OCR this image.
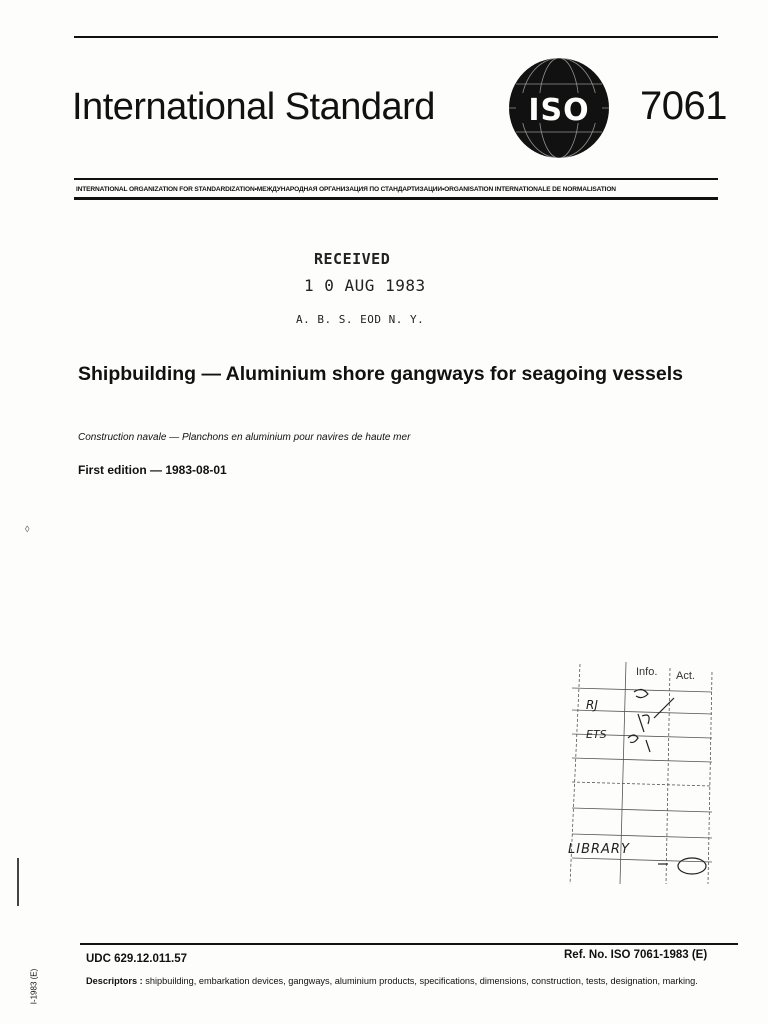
International Standard	ISO 7061
INTERNATIONAL ORGANIZATION FOR STANDARDIZATION•МЕЖДУНАРОДНАЯ ОРГАНИЗАЦИЯ ПО СТАНДАРТИЗАЦИИ•ORGANISATION INTERNATIONALE DE NORMALISATION
RECEIVED
1 0 AUG 1983
A. B. S. EOD N. Y.
Shipbuilding — Aluminium shore gangways for seagoing vessels
Construction navale — Planchons en aluminium pour navires de haute mer
First edition — 1983-08-01
◊
Info. Act.
RJ
ETS
LIBRARY
UDC 629.12.011.57	Ref. No. ISO 7061-1983 (E)
Descriptors : shipbuilding, embarkation devices, gangways, aluminium products, specifications, dimensions, construction, tests, designation, marking.
I-1983 (E)
